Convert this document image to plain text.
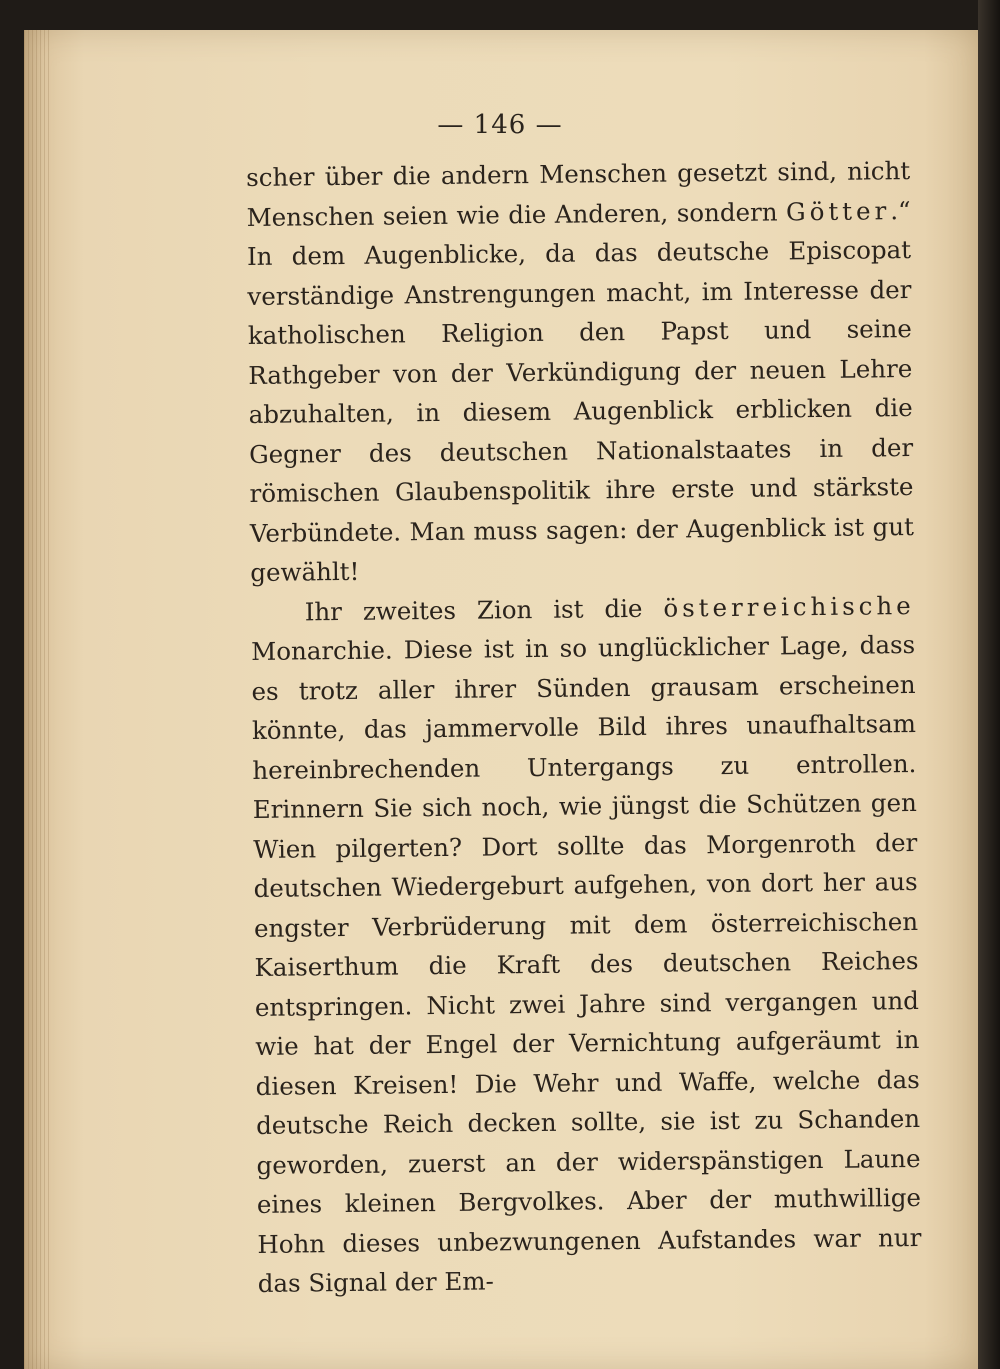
— 146 —

scher über die andern Menschen gesetzt sind, nicht Menschen seien wie die Anderen, sondern Götter.“ In dem Augenblicke, da das deutsche Episcopat verständige Anstrengungen macht, im Interesse der katholischen Religion den Papst und seine Rathgeber von der Verkündigung der neuen Lehre abzuhalten, in diesem Augenblick erblicken die Gegner des deutschen Nationalstaates in der römischen Glaubenspolitik ihre erste und stärkste Verbündete. Man muss sagen: der Augenblick ist gut gewählt!

Ihr zweites Zion ist die österreichische Monarchie. Diese ist in so unglücklicher Lage, dass es trotz aller ihrer Sünden grausam erscheinen könnte, das jammervolle Bild ihres unaufhaltsam hereinbrechenden Untergangs zu entrollen. Erinnern Sie sich noch, wie jüngst die Schützen gen Wien pilgerten? Dort sollte das Morgenroth der deutschen Wiedergeburt aufgehen, von dort her aus engster Verbrüderung mit dem österreichischen Kaiserthum die Kraft des deutschen Reiches entspringen. Nicht zwei Jahre sind vergangen und wie hat der Engel der Vernichtung aufgeräumt in diesen Kreisen! Die Wehr und Waffe, welche das deutsche Reich decken sollte, sie ist zu Schanden geworden, zuerst an der widerspänstigen Laune eines kleinen Bergvolkes. Aber der muthwillige Hohn dieses unbezwungenen Aufstandes war nur das Signal der Em-
